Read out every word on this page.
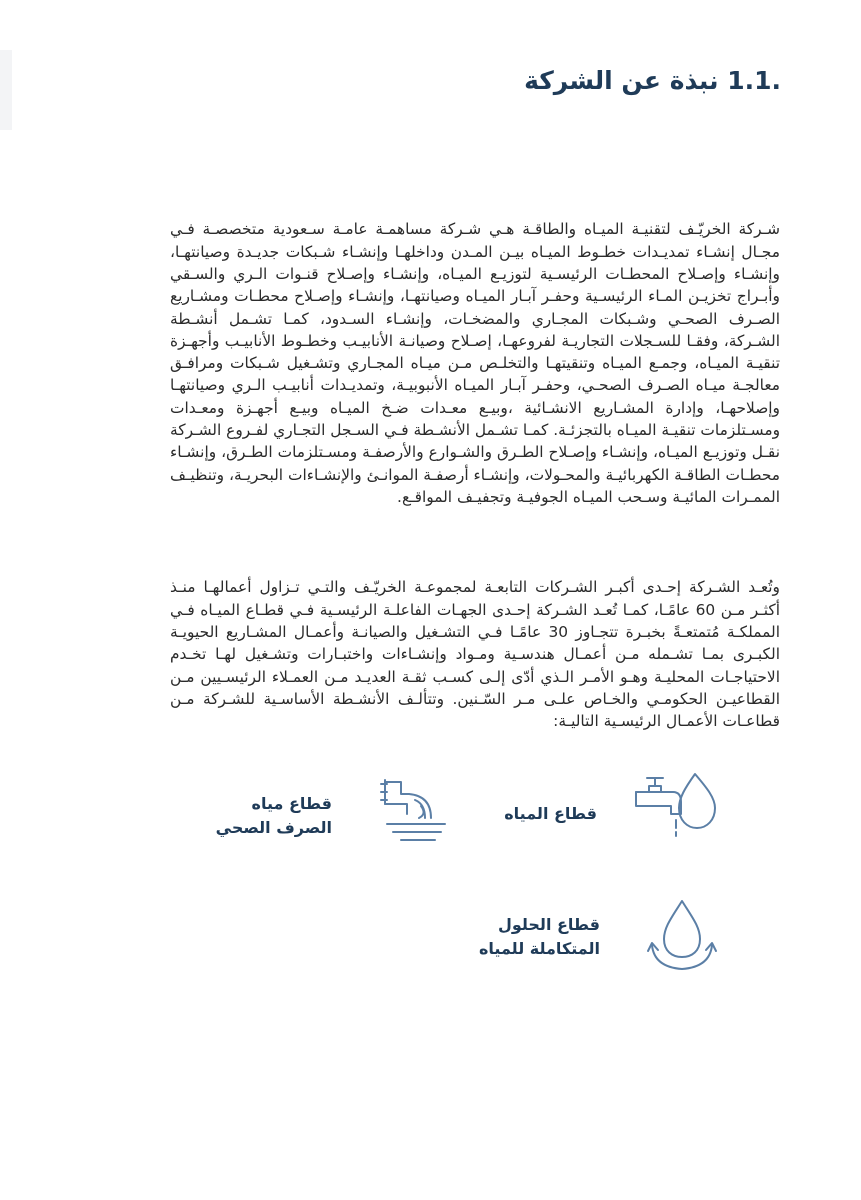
.1.1 نبذة عن الشركة

شـركة الخريّـف لتقنيـة الميـاه والطاقـة هـي شـركة مساهمـة عامـة سـعودية متخصصـة فـي مجـال إنشـاء تمديـدات خطـوط الميـاه بيـن المـدن وداخلهـا وإنشـاء شـبكات جديـدة وصيانتهـا، وإنشـاء وإصـلاح المحطـات الرئيسـية لتوزيـع الميـاه، وإنشـاء وإصـلاح قنـوات الـري والسـقي وأبـراج تخزيـن المـاء الرئيسـية وحفـر آبـار الميـاه وصيانتهـا، وإنشـاء وإصـلاح محطـات ومشـاريع الصـرف الصحـي وشـبكات المجـاري والمضخـات، وإنشـاء السـدود، كمـا تشـمل أنشـطة الشـركة، وفقـا للسـجلات التجاريـة لفروعهـا، إصـلاح وصيانـة الأنابيـب وخطـوط الأنابيـب وأجهـزة تنقيـة الميـاه، وجمـع الميـاه وتنقيتهـا والتخلـص مـن ميـاه المجـاري وتشـغيل شـبكات ومرافـق معالجـة ميـاه الصـرف الصحـي، وحفـر آبـار الميـاه الأنبوبيـة، وتمديـدات أنابيـب الـري وصيانتهـا وإصلاحهـا، وإدارة المشـاريع الانشـائية ،وبيـع معـدات ضـخ الميـاه وبيـع أجهـزة ومعـدات ومسـتلزمات تنقيـة الميـاه بالتجزئـة. كمـا تشـمل الأنشـطة فـي السـجل التجـاري لفـروع الشـركة نقـل وتوزيـع الميـاه، وإنشـاء وإصـلاح الطـرق والشـوارع والأرصفـة ومسـتلزمات الطـرق، وإنشـاء محطـات الطاقـة الكهربائيـة والمحـولات، وإنشـاء أرصفـة الموانـئ والإنشـاءات البحريـة، وتنظيـف الممـرات المائيـة وسـحب الميـاه الجوفيـة وتجفيـف المواقـع.

وتُعـد الشـركة إحـدى أكبـر الشـركات التابعـة لمجموعـة الخريّـف والتـي تـزاول أعمالهـا منـذ أكثـر مـن 60 عامًـا، كمـا تُعـد الشـركة إحـدى الجهـات الفاعلـة الرئيسـية فـي قطـاع الميـاه فـي المملكـة مُتمتعـةً بخبـرة تتجـاوز 30 عامًـا فـي التشـغيل والصيانـة وأعمـال المشـاريع الحيويـة الكبـرى بمـا تشـمله مـن أعمـال هندسـية ومـواد وإنشـاءات واختبـارات وتشـغيل لهـا تخـدم الاحتياجـات المحليـة وهـو الأمـر الـذي أدّى إلـى كسـب ثقـة العديـد مـن العمـلاء الرئيسـيين مـن القطاعيـن الحكومـي والخـاص علـى مـر السّـنين. وتتألـف الأنشـطة الأساسـية للشـركة مـن قطاعـات الأعمـال الرئيسـية التاليـة:

قطاع المياه
قطاع مياه
الصرف الصحي
قطاع الحلول
المتكاملة للمياه
